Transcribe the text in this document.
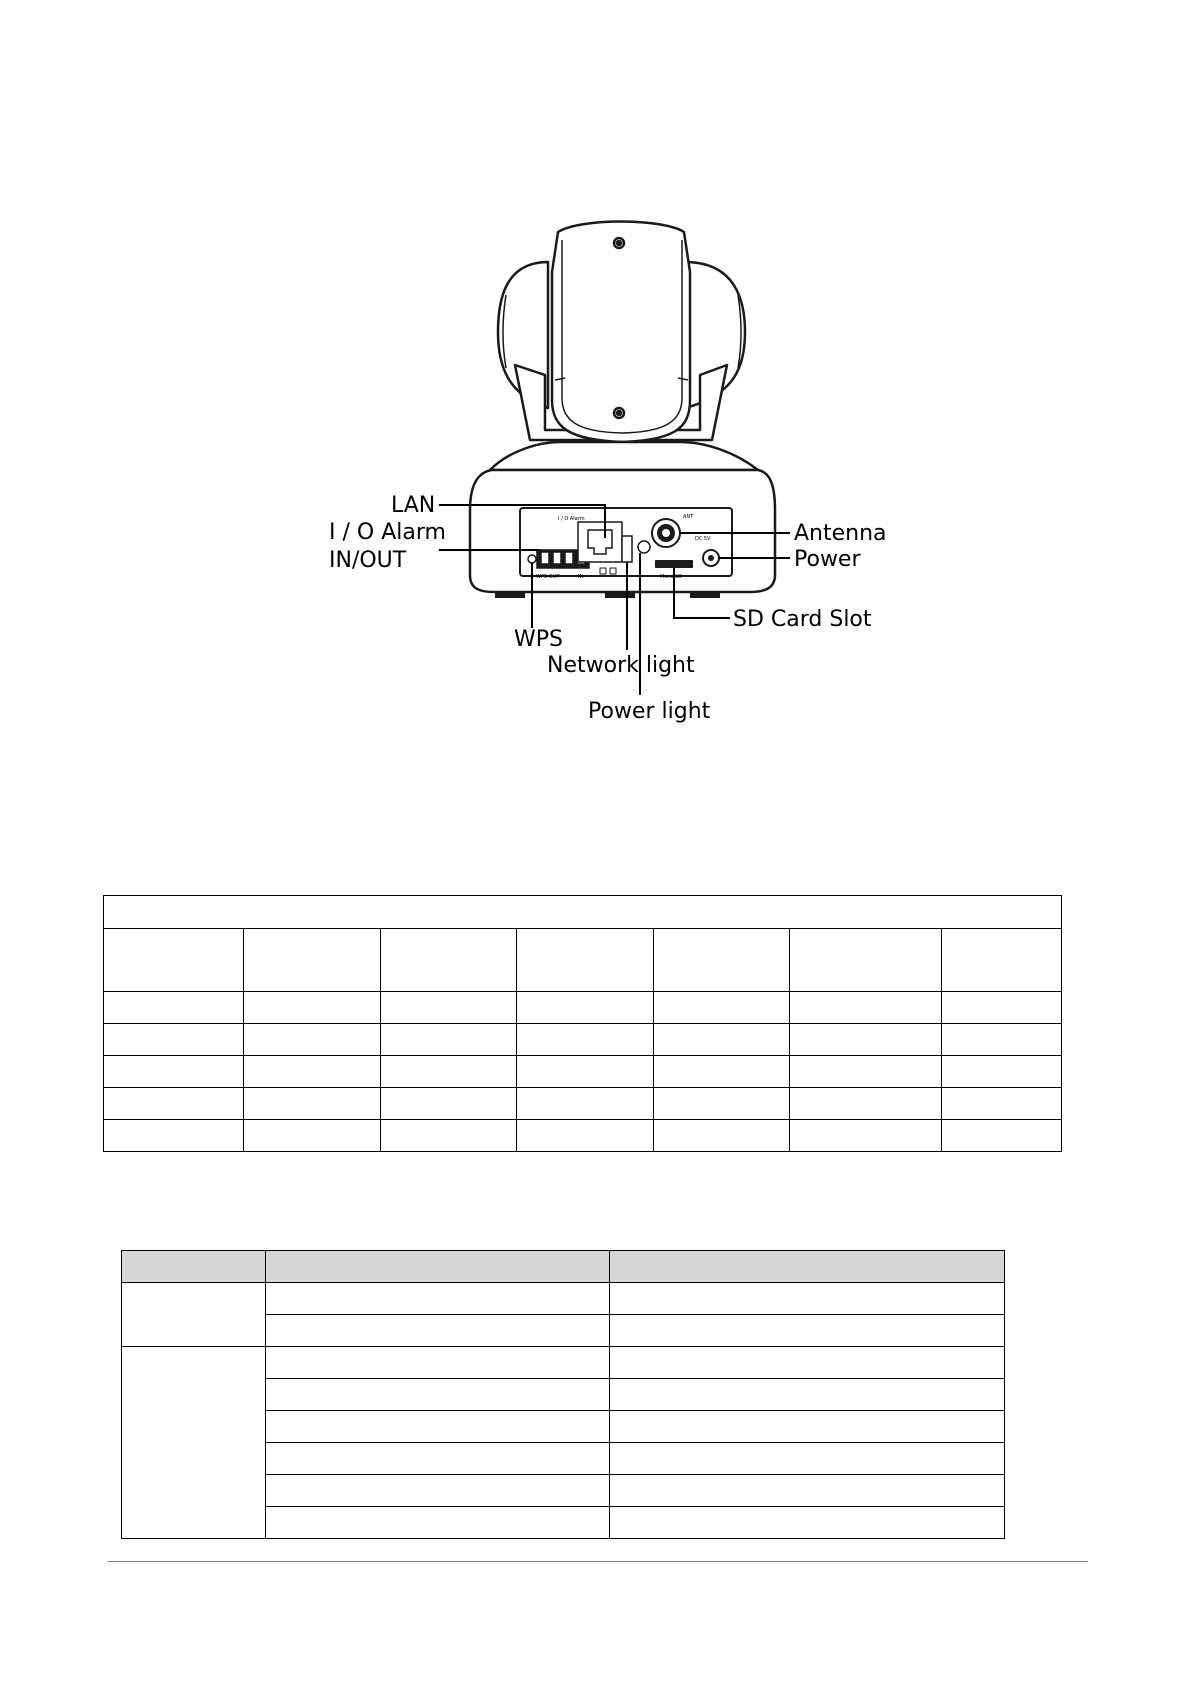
I / O Alarm
WPS OUT	IN
ANT
DC 5V
Micro SD
LAN
I / O Alarm
IN/OUT
WPS
Network light
Power light
Antenna
Power
SD Card Slot
